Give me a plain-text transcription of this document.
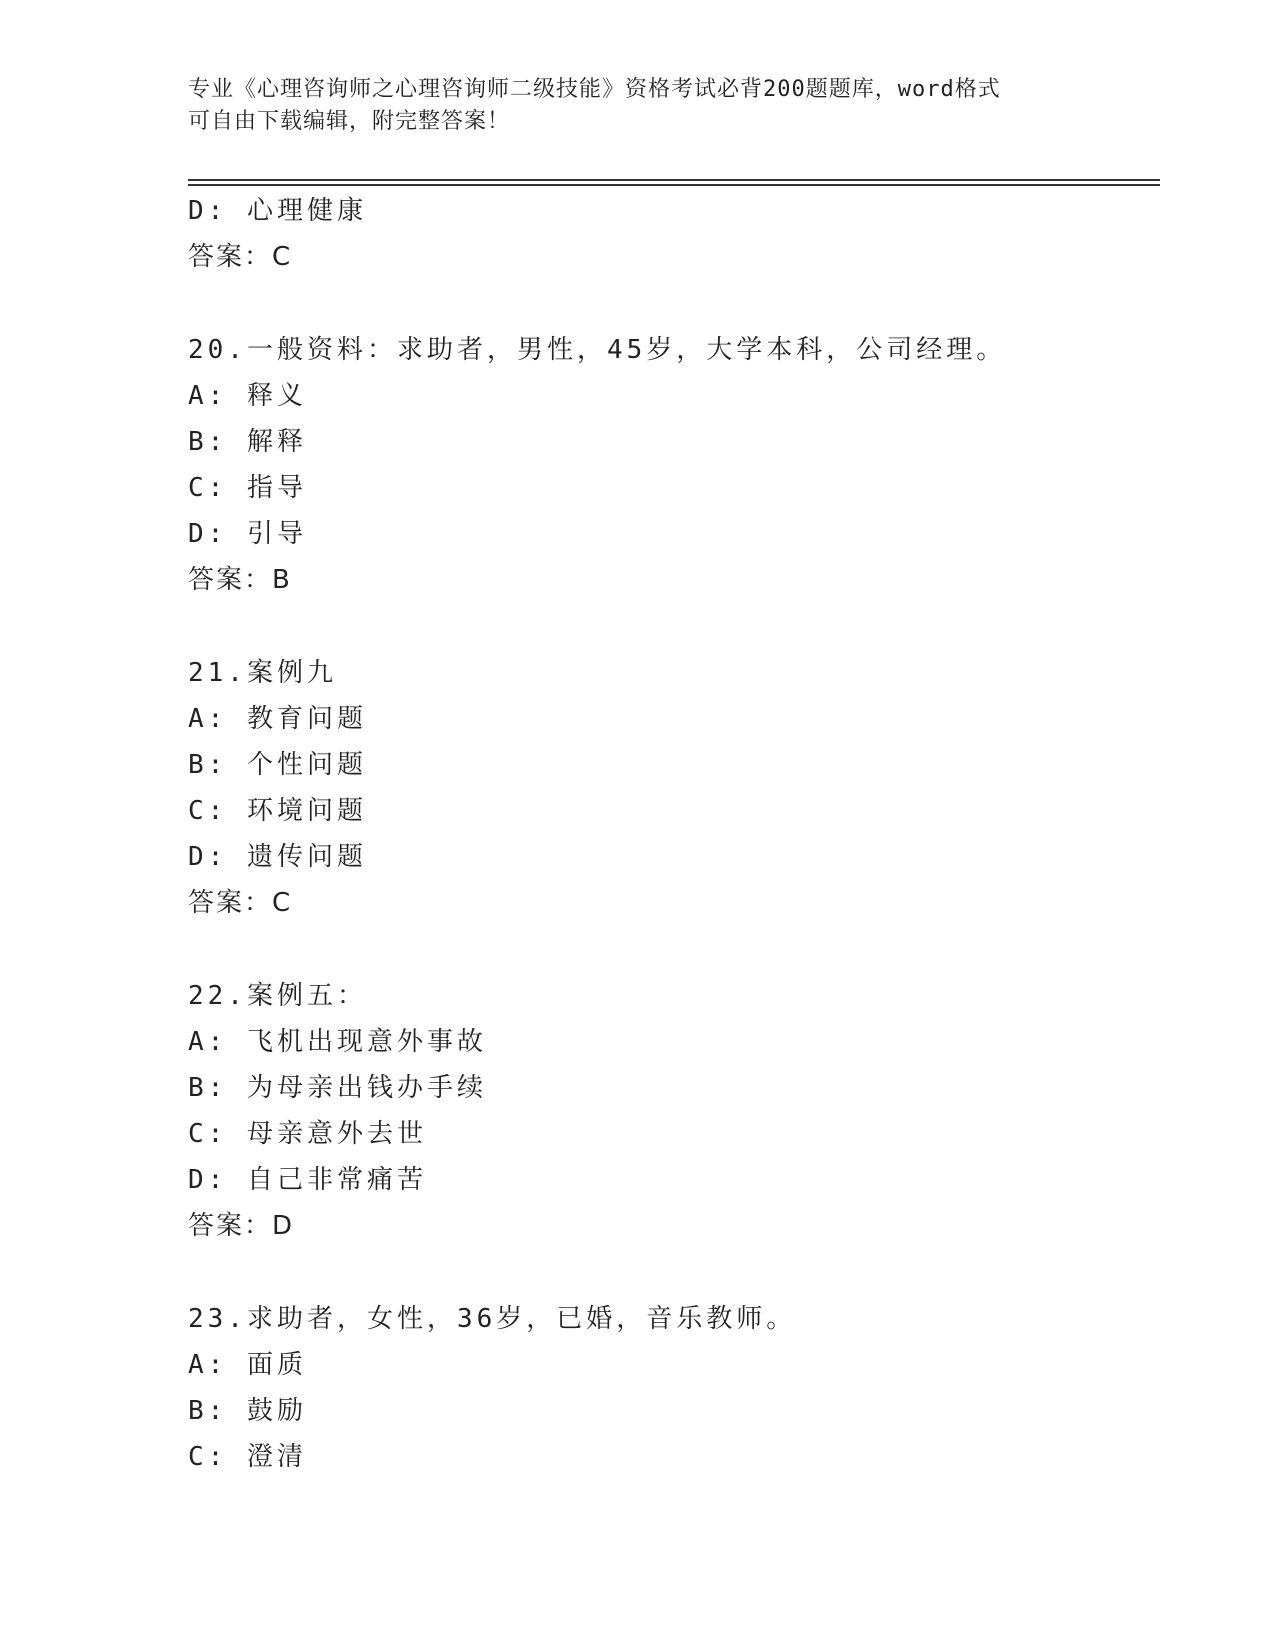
专业《心理咨询师之心理咨询师二级技能》资格考试必背200题题库，word格式
可自由下载编辑，附完整答案！
D: 心理健康
答案：C
20.一般资料：求助者，男性，45岁，大学本科，公司经理。
A: 释义
B: 解释
C: 指导
D: 引导
答案：B
21.案例九
A: 教育问题
B: 个性问题
C: 环境问题
D: 遗传问题
答案：C
22.案例五：
A: 飞机出现意外事故
B: 为母亲出钱办手续
C: 母亲意外去世
D: 自己非常痛苦
答案：D
23.求助者，女性，36岁，已婚，音乐教师。
A: 面质
B: 鼓励
C: 澄清
